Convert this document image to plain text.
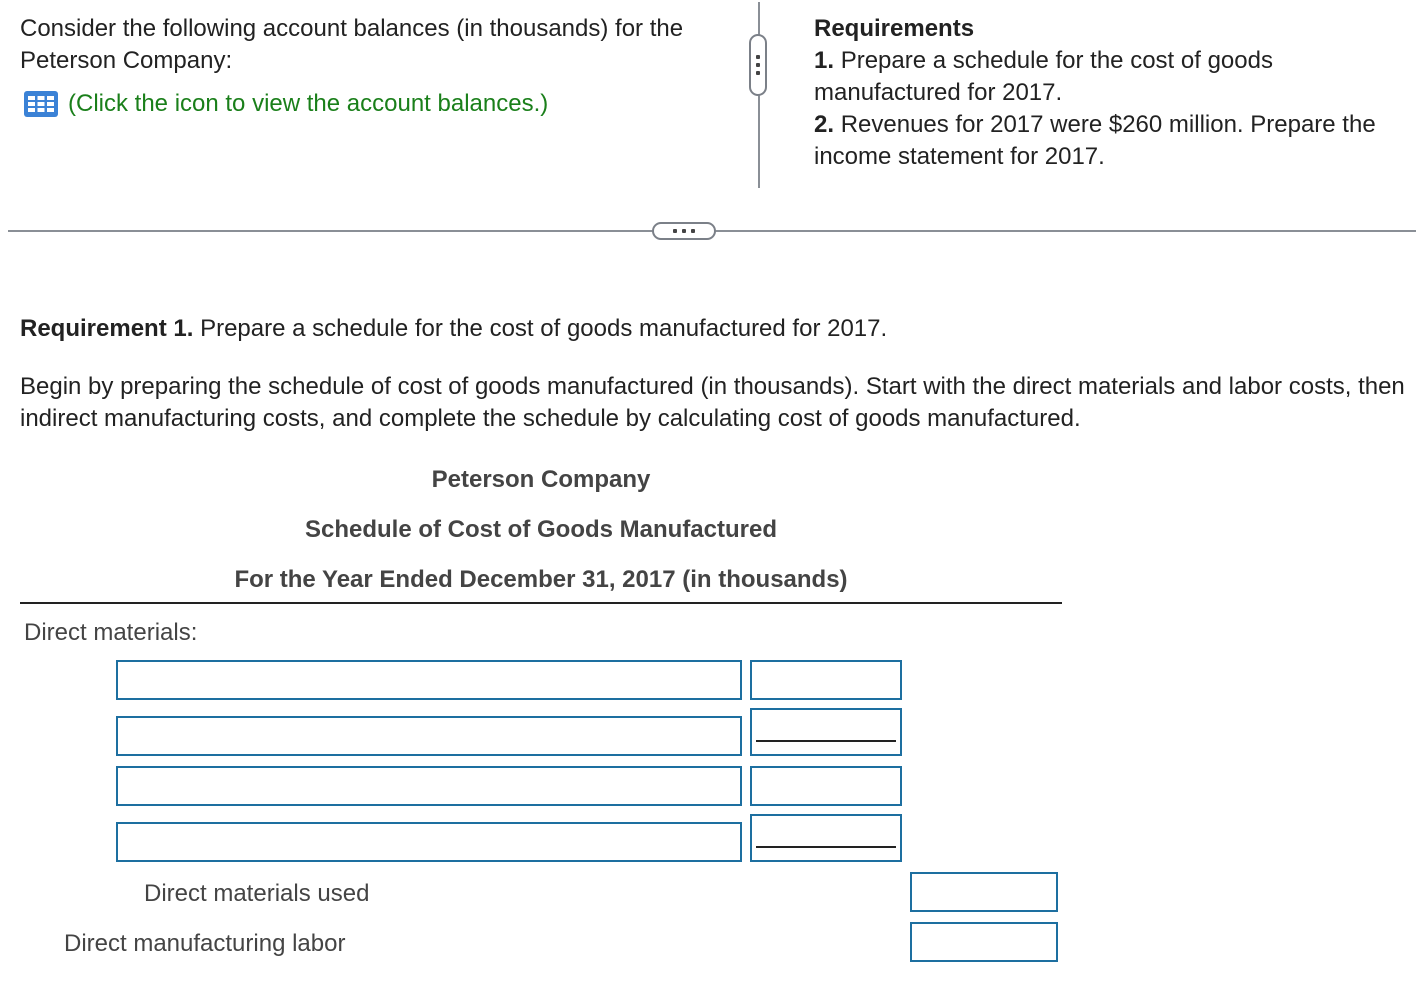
Consider the following account balances (in thousands) for the Peterson Company:
(Click the icon to view the account balances.)
Requirements
1. Prepare a schedule for the cost of goods manufactured for 2017.
2. Revenues for 2017 were $260 million. Prepare the income statement for 2017.
Requirement 1. Prepare a schedule for the cost of goods manufactured for 2017.
Begin by preparing the schedule of cost of goods manufactured (in thousands). Start with the direct materials and labor costs, then indirect manufacturing costs, and complete the schedule by calculating cost of goods manufactured.
Peterson Company
Schedule of Cost of Goods Manufactured
For the Year Ended December 31, 2017 (in thousands)
Direct materials:
Direct materials used
Direct manufacturing labor
